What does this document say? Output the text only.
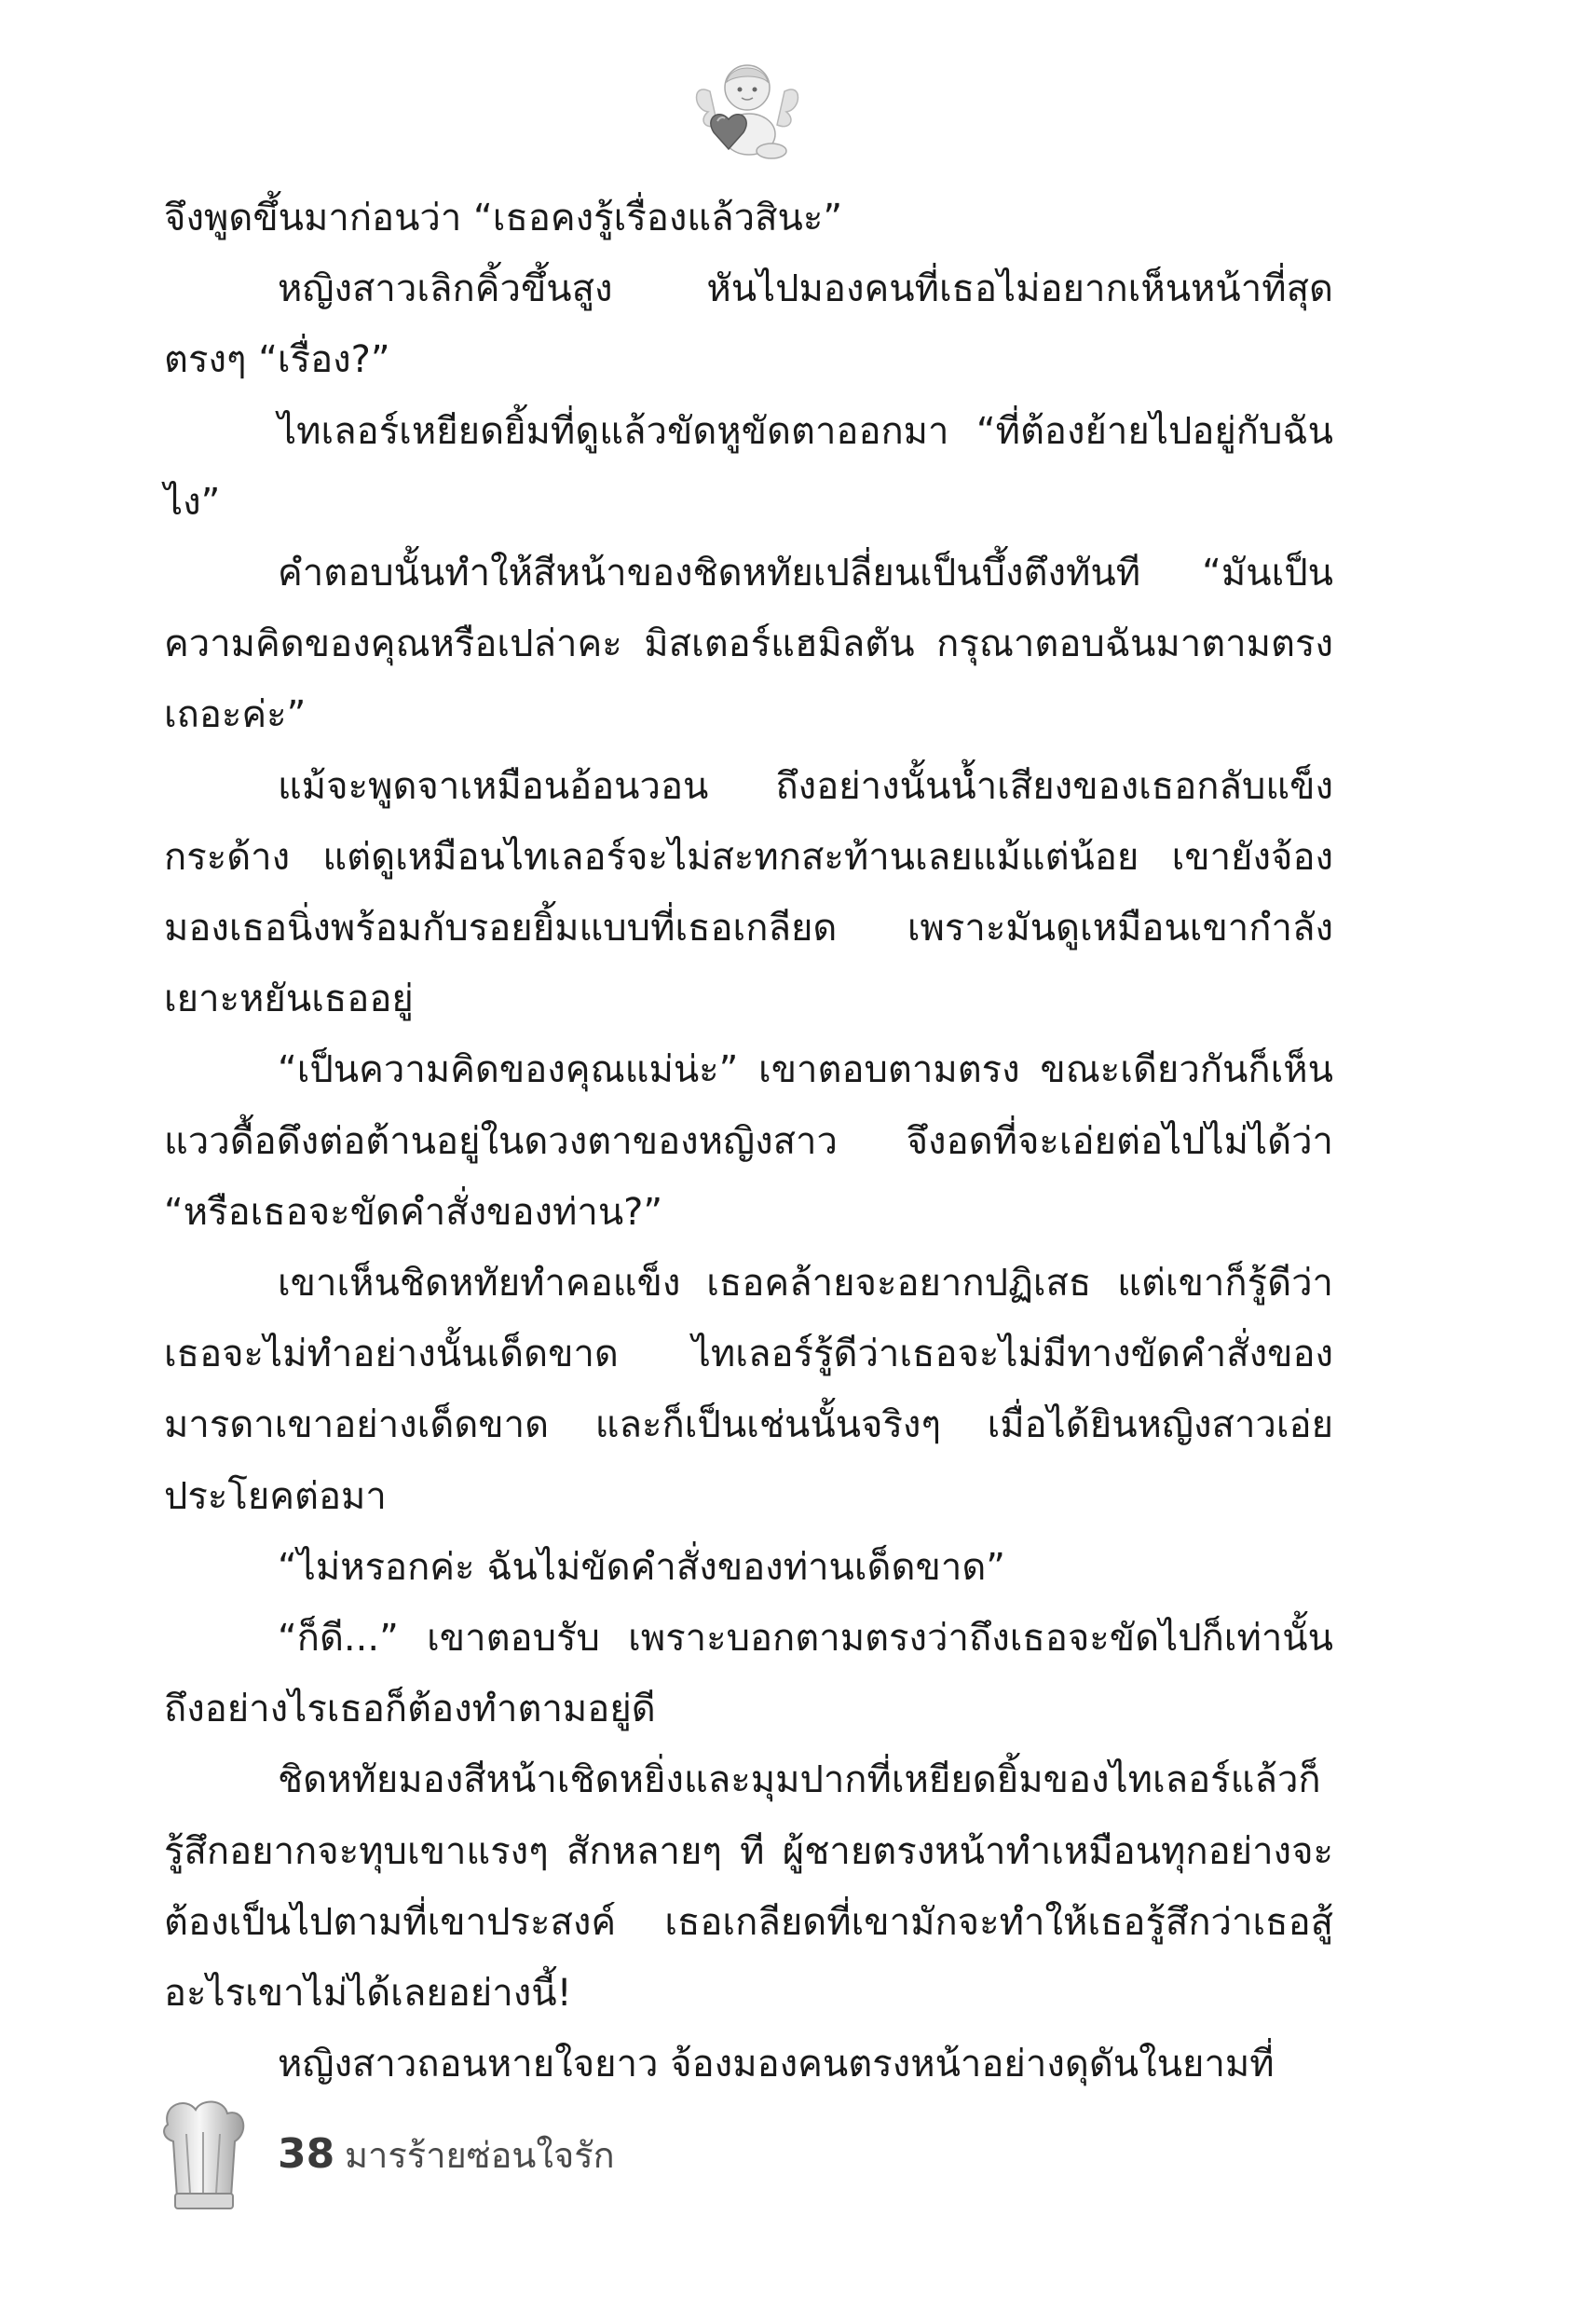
จึงพูดขึ้นมาก่อนว่า “เธอคงรู้เรื่องแล้วสินะ”

หญิงสาวเลิกคิ้วขึ้นสูง หันไปมองคนที่เธอไม่อยากเห็นหน้าที่สุดตรงๆ “เรื่อง?”

ไทเลอร์เหยียดยิ้มที่ดูแล้วขัดหูขัดตาออกมา “ที่ต้องย้ายไปอยู่กับฉันไง”

คำตอบนั้นทำให้สีหน้าของชิดหทัยเปลี่ยนเป็นบึ้งตึงทันที “มันเป็นความคิดของคุณหรือเปล่าคะ มิสเตอร์แฮมิลตัน กรุณาตอบฉันมาตามตรงเถอะค่ะ”

แม้จะพูดจาเหมือนอ้อนวอน ถึงอย่างนั้นน้ำเสียงของเธอกลับแข็งกระด้าง แต่ดูเหมือนไทเลอร์จะไม่สะทกสะท้านเลยแม้แต่น้อย เขายังจ้องมองเธอนิ่งพร้อมกับรอยยิ้มแบบที่เธอเกลียด เพราะมันดูเหมือนเขากำลังเยาะหยันเธออยู่

“เป็นความคิดของคุณแม่น่ะ” เขาตอบตามตรง ขณะเดียวกันก็เห็นแววดื้อดึงต่อต้านอยู่ในดวงตาของหญิงสาว จึงอดที่จะเอ่ยต่อไปไม่ได้ว่า “หรือเธอจะขัดคำสั่งของท่าน?”

เขาเห็นชิดหทัยทำคอแข็ง เธอคล้ายจะอยากปฏิเสธ แต่เขาก็รู้ดีว่าเธอจะไม่ทำอย่างนั้นเด็ดขาด ไทเลอร์รู้ดีว่าเธอจะไม่มีทางขัดคำสั่งของมารดาเขาอย่างเด็ดขาด และก็เป็นเช่นนั้นจริงๆ เมื่อได้ยินหญิงสาวเอ่ยประโยคต่อมา

“ไม่หรอกค่ะ ฉันไม่ขัดคำสั่งของท่านเด็ดขาด”

“ก็ดี...” เขาตอบรับ เพราะบอกตามตรงว่าถึงเธอจะขัดไปก็เท่านั้นถึงอย่างไรเธอก็ต้องทำตามอยู่ดี

ชิดหทัยมองสีหน้าเชิดหยิ่งและมุมปากที่เหยียดยิ้มของไทเลอร์แล้วก็รู้สึกอยากจะทุบเขาแรงๆ สักหลายๆ ที ผู้ชายตรงหน้าทำเหมือนทุกอย่างจะต้องเป็นไปตามที่เขาประสงค์ เธอเกลียดที่เขามักจะทำให้เธอรู้สึกว่าเธอสู้อะไรเขาไม่ได้เลยอย่างนี้!

หญิงสาวถอนหายใจยาว จ้องมองคนตรงหน้าอย่างดุดันในยามที่

38 มารร้ายซ่อนใจรัก
